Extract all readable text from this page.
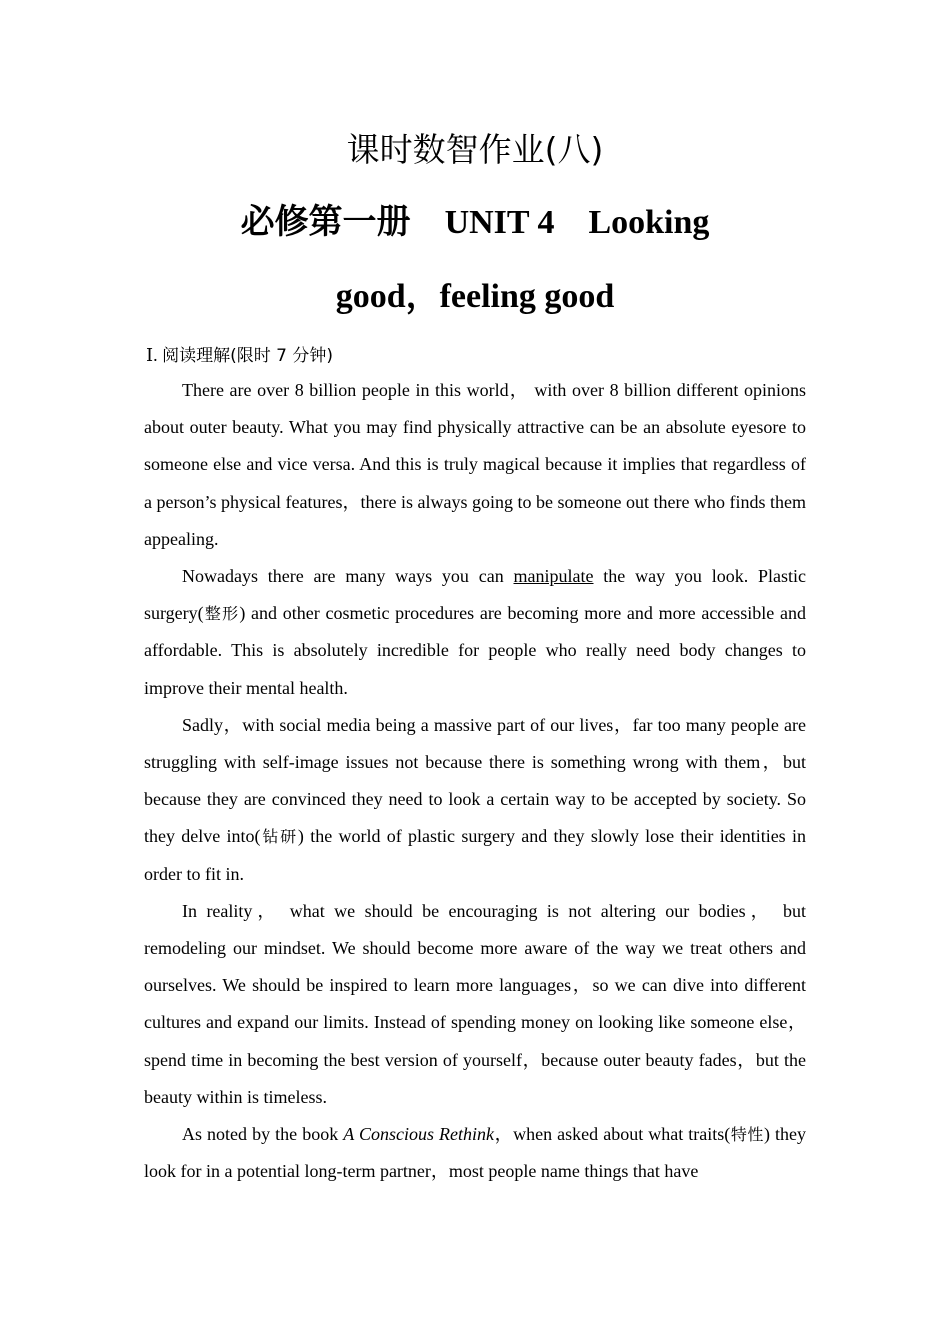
课时数智作业(八)
必修第一册 UNIT 4 Looking
good，feeling good
Ⅰ. 阅读理解(限时 7 分钟)

There are over 8 billion people in this world， with over 8 billion different opinions about outer beauty. What you may find physically attractive can be an absolute eyesore to someone else and vice versa. And this is truly magical because it implies that regardless of a person’s physical features，there is always going to be someone out there who finds them appealing.

Nowadays there are many ways you can manipulate the way you look. Plastic surgery(整形) and other cosmetic procedures are becoming more and more accessible and affordable. This is absolutely incredible for people who really need body changes to improve their mental health.

Sadly，with social media being a massive part of our lives，far too many people are struggling with self-image issues not because there is something wrong with them，but because they are convinced they need to look a certain way to be accepted by society. So they delve into(钻研) the world of plastic surgery and they slowly lose their identities in order to fit in.

In reality， what we should be encouraging is not altering our bodies， but remodeling our mindset. We should become more aware of the way we treat others and ourselves. We should be inspired to learn more languages，so we can dive into different cultures and expand our limits. Instead of spending money on looking like someone else，spend time in becoming the best version of yourself，because outer beauty fades，but the beauty within is timeless.

As noted by the book A Conscious Rethink，when asked about what traits(特性) they look for in a potential long-term partner，most people name things that have
